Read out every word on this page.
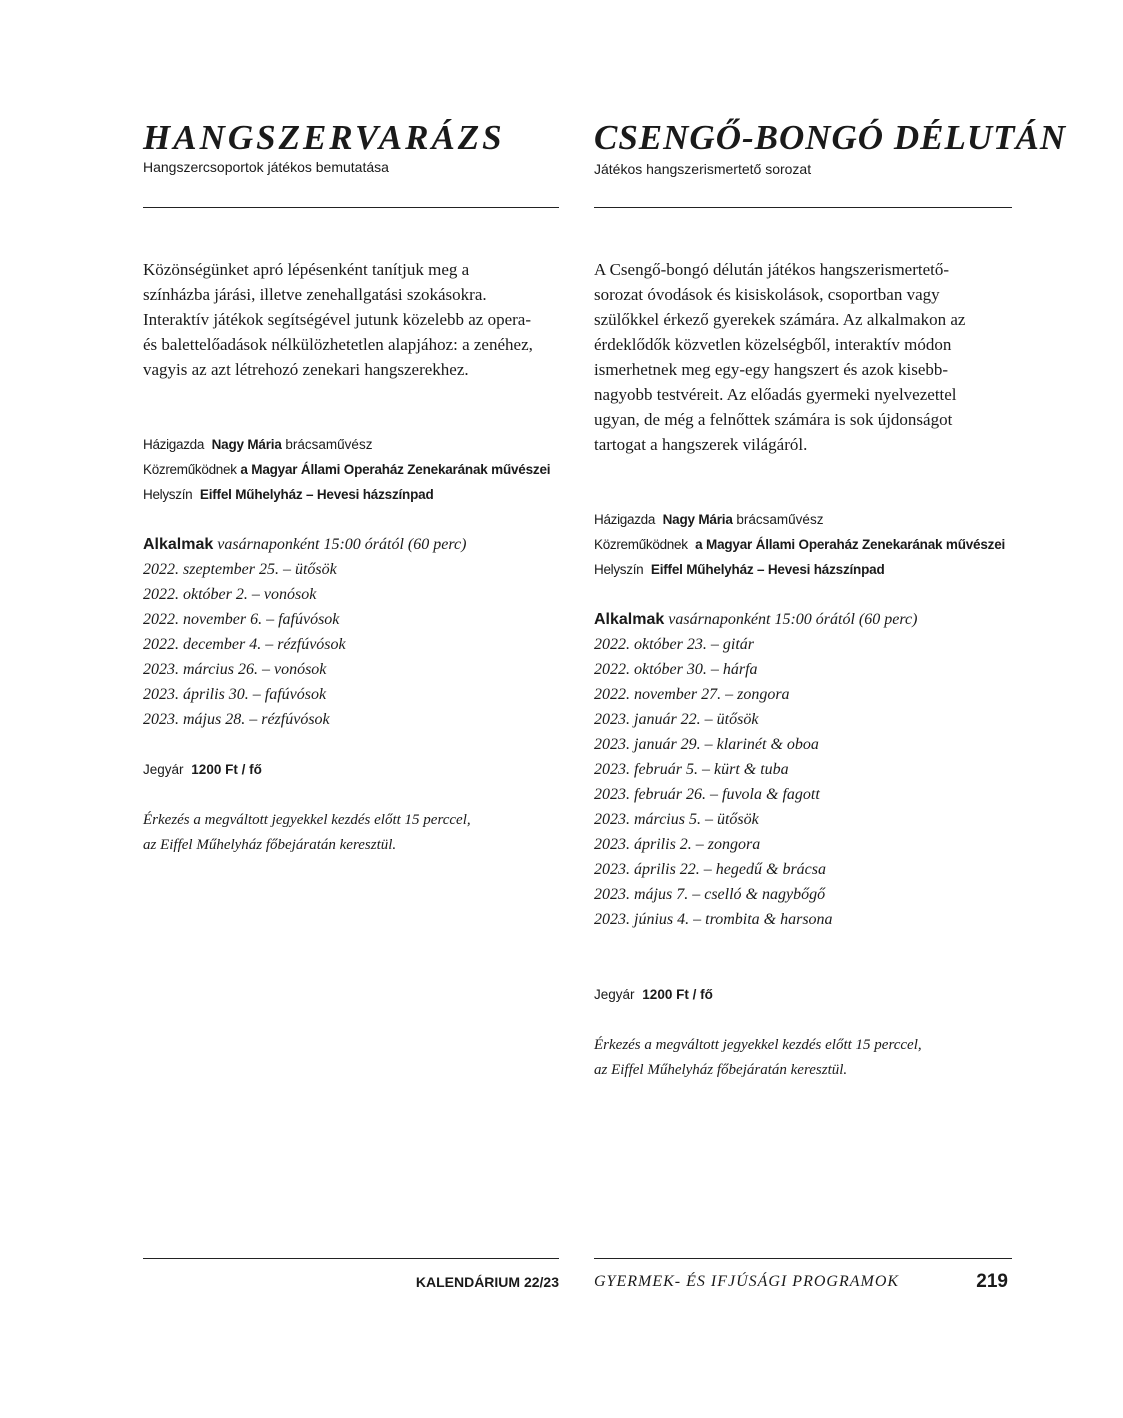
HANGSZERVARÁZS

Hangszercsoportok játékos bemutatása

Közönségünket apró lépésenként tanítjuk meg a
színházba járási, illetve zenehallgatási szokásokra.
Interaktív játékok segítségével jutunk közelebb az opera-
és balettelőadások nélkülözhetetlen alapjához: a zenéhez,
vagyis az azt létrehozó zenekari hangszerekhez.
Házigazda Nagy Mária brácsaművész
Közreműködnek a Magyar Állami Operaház Zenekarának művészei
Helyszín Eiffel Műhelyház – Hevesi házszínpad
Alkalmak vasárnaponként 15:00 órától (60 perc)
2022. szeptember 25. – ütősök
2022. október 2. – vonósok
2022. november 6. – fafúvósok
2022. december 4. – rézfúvósok
2023. március 26. – vonósok
2023. április 30. – fafúvósok
2023. május 28. – rézfúvósok
Jegyár 1200 Ft / fő
Érkezés a megváltott jegyekkel kezdés előtt 15 perccel,
az Eiffel Műhelyház főbejáratán keresztül.
CSENGŐ-BONGÓ DÉLUTÁN

Játékos hangszerismertető sorozat

A Csengő-bongó délután játékos hangszerismertető-
sorozat óvodások és kisiskolások, csoportban vagy
szülőkkel érkező gyerekek számára. Az alkalmakon az
érdeklődők közvetlen közelségből, interaktív módon
ismerhetnek meg egy-egy hangszert és azok kisebb-
nagyobb testvéreit. Az előadás gyermeki nyelvezettel
ugyan, de még a felnőttek számára is sok újdonságot
tartogat a hangszerek világáról.
Házigazda Nagy Mária brácsaművész
Közreműködnek a Magyar Állami Operaház Zenekarának művészei
Helyszín Eiffel Műhelyház – Hevesi házszínpad
Alkalmak vasárnaponként 15:00 órától (60 perc)
2022. október 23. – gitár
2022. október 30. – hárfa
2022. november 27. – zongora
2023. január 22. – ütősök
2023. január 29. – klarinét & oboa
2023. február 5. – kürt & tuba
2023. február 26. – fuvola & fagott
2023. március 5. – ütősök
2023. április 2. – zongora
2023. április 22. – hegedű & brácsa
2023. május 7. – cselló & nagybőgő
2023. június 4. – trombita & harsona
Jegyár 1200 Ft / fő
Érkezés a megváltott jegyekkel kezdés előtt 15 perccel,
az Eiffel Műhelyház főbejáratán keresztül.
KALENDÁRIUM 22/23 GYERMEK- ÉS IFJÚSÁGI PROGRAMOK	219
